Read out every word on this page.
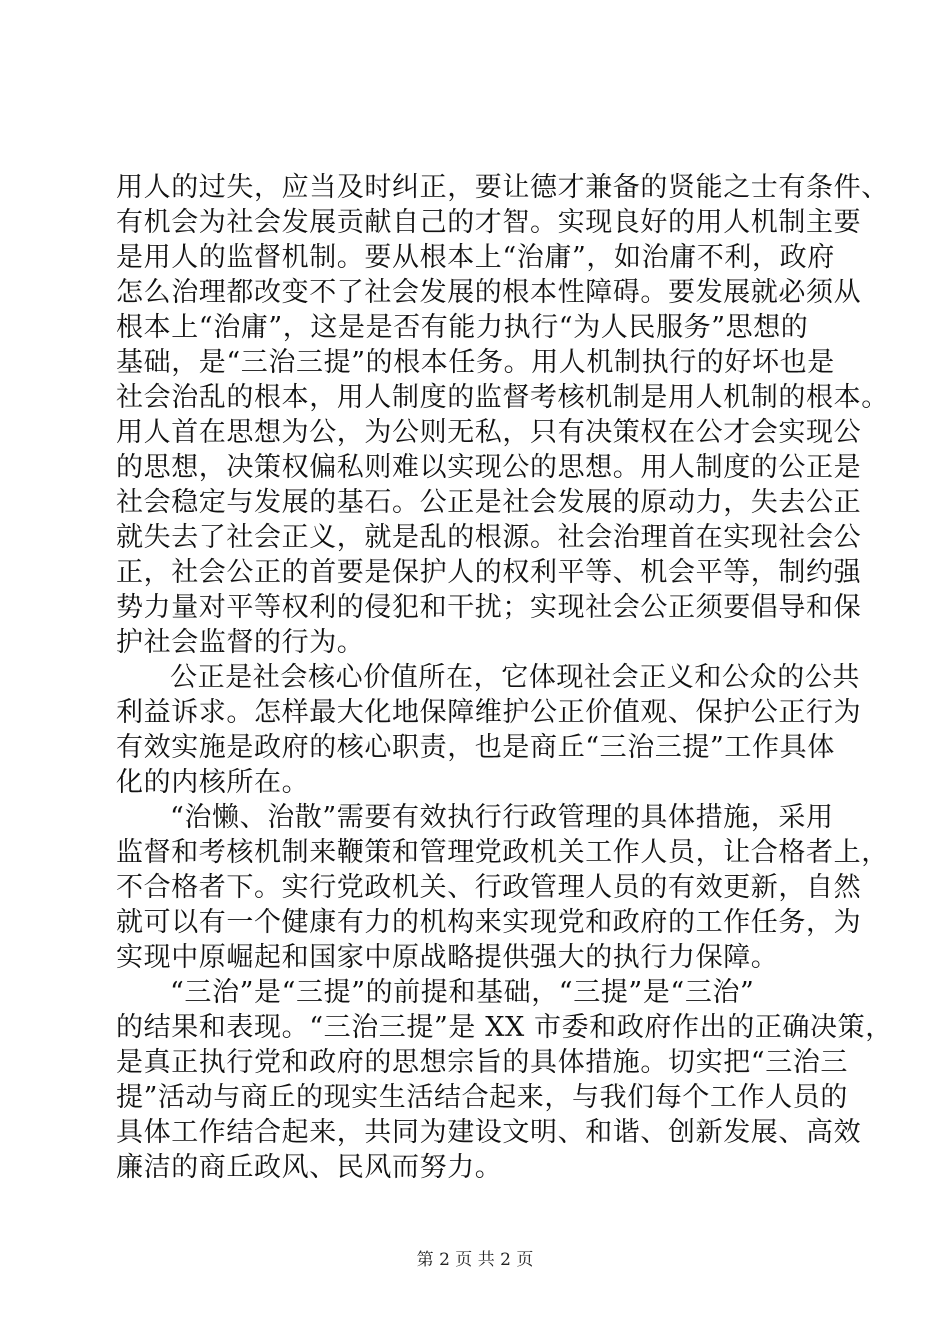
用人的过失，应当及时纠正，要让德才兼备的贤能之士有条件、
有机会为社会发展贡献自己的才智。实现良好的用人机制主要
是用人的监督机制。要从根本上“治庸”，如治庸不利，政府
怎么治理都改变不了社会发展的根本性障碍。要发展就必须从
根本上“治庸”，这是是否有能力执行“为人民服务”思想的
基础，是“三治三提”的根本任务。用人机制执行的好坏也是
社会治乱的根本，用人制度的监督考核机制是用人机制的根本。
用人首在思想为公，为公则无私，只有决策权在公才会实现公
的思想，决策权偏私则难以实现公的思想。用人制度的公正是
社会稳定与发展的基石。公正是社会发展的原动力，失去公正
就失去了社会正义，就是乱的根源。社会治理首在实现社会公
正，社会公正的首要是保护人的权利平等、机会平等，制约强
势力量对平等权利的侵犯和干扰；实现社会公正须要倡导和保
护社会监督的行为。
公正是社会核心价值所在，它体现社会正义和公众的公共
利益诉求。怎样最大化地保障维护公正价值观、保护公正行为
有效实施是政府的核心职责，也是商丘“三治三提”工作具体
化的内核所在。
“治懒、治散”需要有效执行行政管理的具体措施，采用
监督和考核机制来鞭策和管理党政机关工作人员，让合格者上，
不合格者下。实行党政机关、行政管理人员的有效更新，自然
就可以有一个健康有力的机构来实现党和政府的工作任务，为
实现中原崛起和国家中原战略提供强大的执行力保障。
“三治”是“三提”的前提和基础，“三提”是“三治”
的结果和表现。“三治三提”是 XX 市委和政府作出的正确决策，
是真正执行党和政府的思想宗旨的具体措施。切实把“三治三
提”活动与商丘的现实生活结合起来，与我们每个工作人员的
具体工作结合起来，共同为建设文明、和谐、创新发展、高效
廉洁的商丘政风、民风而努力。
第 2 页 共 2 页
